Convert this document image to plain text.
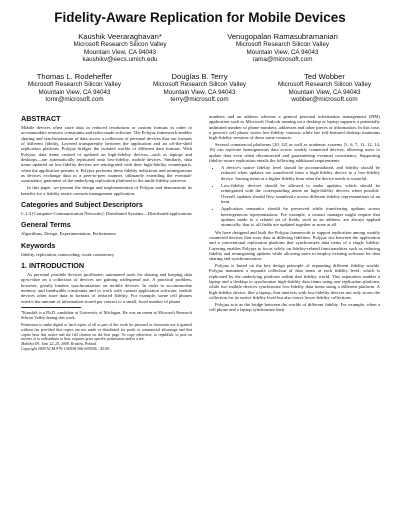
Fidelity-Aware Replication for Mobile Devices
Kaushik Veeraraghavan*
Microsoft Research Silicon Valley
Mountain View, CA 94043
kaushikv@eecs.umich.edu
Venugopalan Ramasubramanian
Microsoft Research Silicon Valley
Mountain View, CA 94043
rama@microsoft.com
Thomas L. Rodeheffer
Microsoft Research Silicon Valley
Mountain View, CA 94043
tomr@microsoft.com
Douglas B. Terry
Microsoft Research Silicon Valley
Mountain View, CA 94043
terry@microsoft.com
Ted Wobber
Microsoft Research Silicon Valley
Mountain View, CA 94043
wobber@microsoft.com
ABSTRACT

Mobile devices often store data in reduced resolutions or custom formats in order to accommodate resource constraints and tailor-made software. The Polyjuz framework enables sharing and synchronization of data across a collection of personal devices that use formats of different fidelity. Layered transparently between the application and an off-the-shelf replication platform, Polyjuz bridges the isolated worlds of different data formats. With Polyjuz, data items created or updated on high-fidelity devices—such as laptops and desktops—are automatically replicated onto low-fidelity, mobile devices. Similarly, data items updated on low-fidelity devices are reintegrated with their high-fidelity counterparts, when the application permits it. Polyjuz performs these fidelity reductions and reintegrations as devices exchange data in a peer-to-peer manner, ultimately extending the eventual-consistency guarantee of the underlying replication platform to the multi-fidelity universe.

In this paper, we present the design and implementation of Polyjuz and demonstrate its benefits for a fidelity aware contacts management application.

Categories and Subject Descriptors

C.2.4 [Computer-Communication Networks]: Distributed Systems—Distributed applications

General Terms

Algorithms, Design, Experimentation, Performance

Keywords

fidelity, replication, transcoding, weak consistency

1. INTRODUCTION

As personal portable devices proliferate, automated tools for sharing and keeping data up-to-date on a collection of devices are gaining widespread use. A practical problem, however, greatly hinders synchronization on mobile devices. In order to accommodate memory and bandwidth constraints and to work with custom application software, mobile devices often store data in formats of reduced fidelity. For example, some cell phones restrict the amount of information stored per contact to a small, fixed number of phone

*Kaushik is a Ph.D. candidate at University of Michigan. He was an intern at Microsoft Research Silicon Valley during this work.
Permission to make digital or hard copies of all or part of this work for personal or classroom use is granted without fee provided that copies are not made or distributed for profit or commercial advantage and that copies bear this notice and the full citation on the first page. To copy otherwise, to republish, to post on servers or to redistribute to lists, requires prior specific permission and/or a fee.
MobiSys'09, June 22–25, 2009, Kraków, Poland.
Copyright 2009 ACM 978-1-60558-566-6/09/06 ...$5.00.

numbers and an address whereas a general personal information management (PIM) application such as Microsoft Outlook running on a desktop or laptop supports a potentially unlimited number of phone numbers, addresses and other pieces of information. In this case, a person's cell phone stores low-fidelity contacts while her full-featured desktop maintains high-fidelity versions of those same contacts.

Several commercial platforms [20, 22] as well as academic systems [1, 6, 7, 11, 12, 14, 16] can replicate homogeneous data across weakly connected devices, allowing users to update data even when disconnected and guaranteeing eventual consistency. Supporting fidelity-aware replication entails the following additional requirements:

• A device's native fidelity level should be accommodated, and fidelity should be reduced when updates are transferred from a high-fidelity device to a low-fidelity device. Storing items at a higher fidelity than what the device needs is wasteful.
• Low-fidelity devices should be allowed to make updates, which should be reintegrated with the corresponding items on high-fidelity devices when possible. Overall, updates should flow seamlessly across different fidelity representations of an item.
• Application semantics should be preserved while transferring updates across heterogeneous representations. For example, a contact manager might require that updates made to a related set of fields, such as an address, are always applied atomically; that is, all fields are updated together or none at all.

We have designed and built the Polyjuz framework to support replication among weakly connected devices that store data at differing fidelities. Polyjuz sits between the application and a conventional replication platform that synchronizes data items of a single fidelity. Layering enables Polyjuz to focus solely on fidelity-related functionalities such as reducing fidelity and reintegrating updates while allowing users to employ existing software for data sharing and synchronization.

Polyjuz is based on the key design principle of separating different fidelity worlds. Polyjuz maintains a separate collection of data items at each fidelity level, which is replicated by the underlying platform within that fidelity world. This separation enables a laptop and a desktop to synchronize high-fidelity data items using one replication platform, while two mobile devices synchronize low-fidelity data items using a different platform. A high-fidelity device, like a laptop, that interacts with low-fidelity devices not only stores the collection for its native fidelity level but also stores lower-fidelity collections.

Polyjuz acts as the bridge between the worlds of different fidelity. For example, when a cell phone and a laptop synchronize their
